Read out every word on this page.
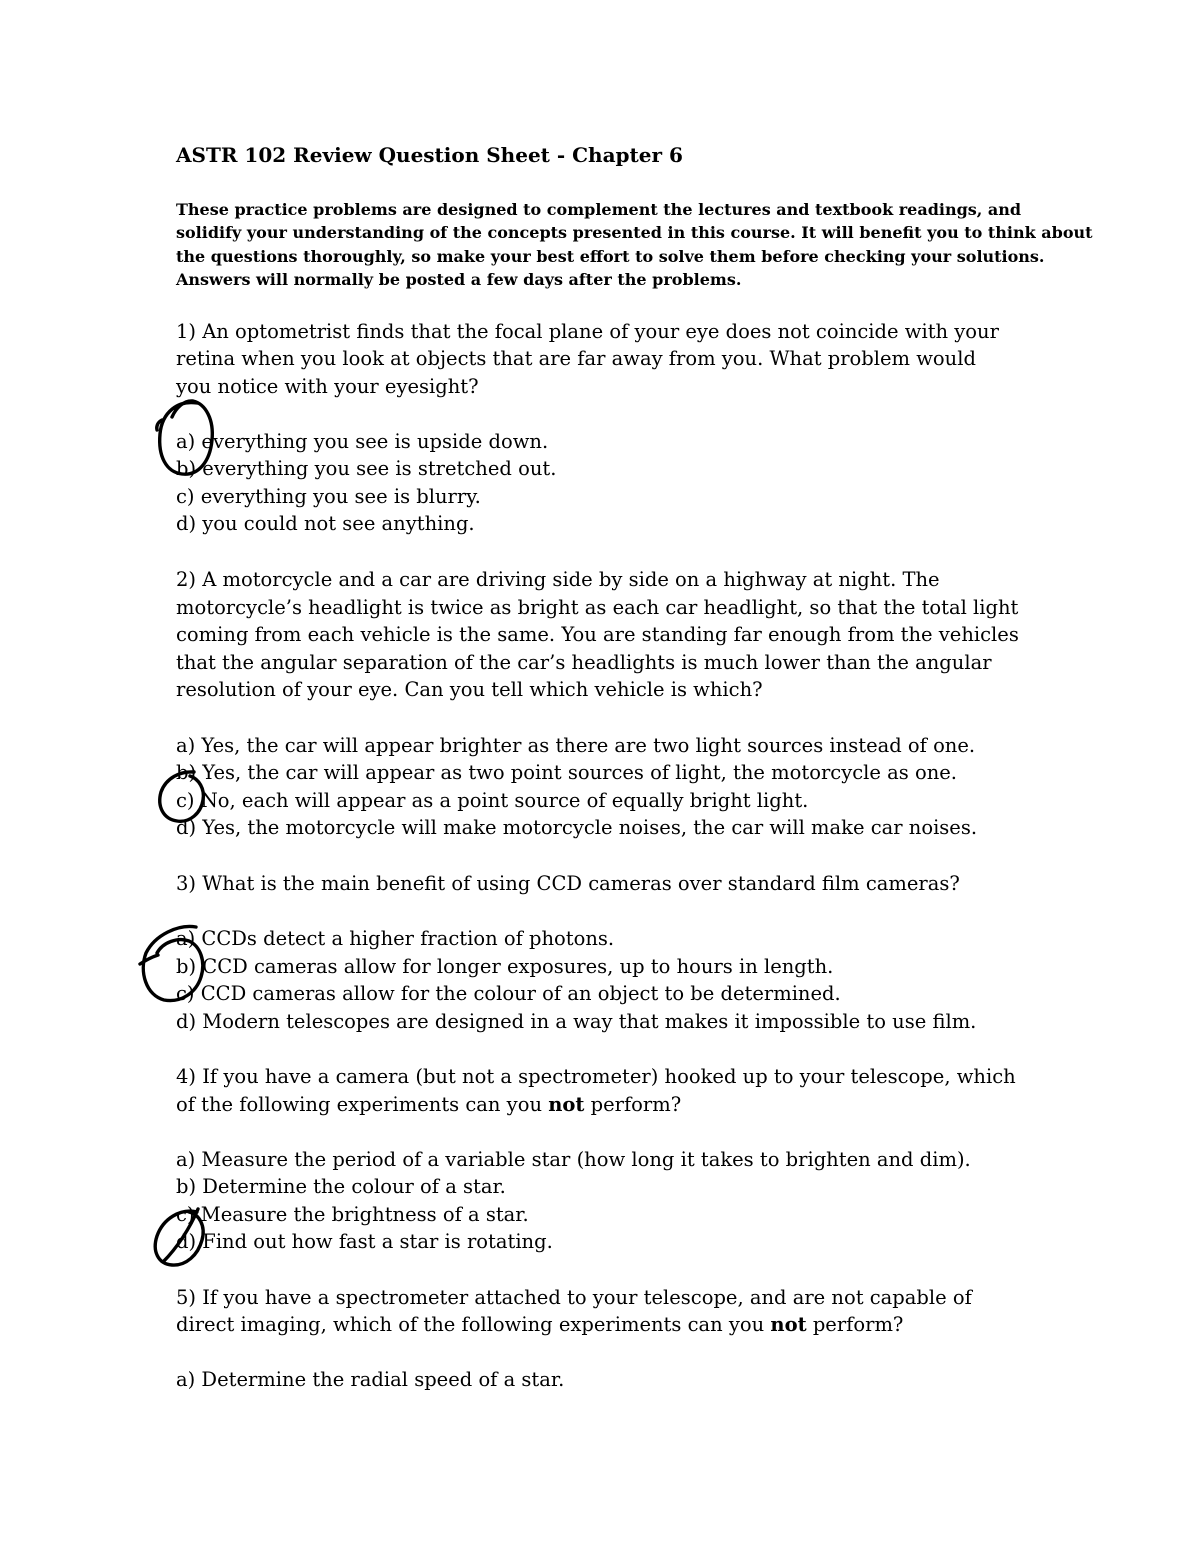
ASTR 102 Review Question Sheet - Chapter 6
These practice problems are designed to complement the lectures and textbook readings, and
solidify your understanding of the concepts presented in this course. It will benefit you to think about
the questions thoroughly, so make your best effort to solve them before checking your solutions.
Answers will normally be posted a few days after the problems.
1) An optometrist finds that the focal plane of your eye does not coincide with your
retina when you look at objects that are far away from you. What problem would
you notice with your eyesight?
a) everything you see is upside down.
b) everything you see is stretched out.
c) everything you see is blurry.
d) you could not see anything.
2) A motorcycle and a car are driving side by side on a highway at night. The
motorcycle’s headlight is twice as bright as each car headlight, so that the total light
coming from each vehicle is the same. You are standing far enough from the vehicles
that the angular separation of the car’s headlights is much lower than the angular
resolution of your eye. Can you tell which vehicle is which?
a) Yes, the car will appear brighter as there are two light sources instead of one.
b) Yes, the car will appear as two point sources of light, the motorcycle as one.
c) No, each will appear as a point source of equally bright light.
d) Yes, the motorcycle will make motorcycle noises, the car will make car noises.
3) What is the main benefit of using CCD cameras over standard film cameras?
a) CCDs detect a higher fraction of photons.
b) CCD cameras allow for longer exposures, up to hours in length.
c) CCD cameras allow for the colour of an object to be determined.
d) Modern telescopes are designed in a way that makes it impossible to use film.
4) If you have a camera (but not a spectrometer) hooked up to your telescope, which
of the following experiments can you not perform?
a) Measure the period of a variable star (how long it takes to brighten and dim).
b) Determine the colour of a star.
c) Measure the brightness of a star.
d) Find out how fast a star is rotating.
5) If you have a spectrometer attached to your telescope, and are not capable of
direct imaging, which of the following experiments can you not perform?
a) Determine the radial speed of a star.
